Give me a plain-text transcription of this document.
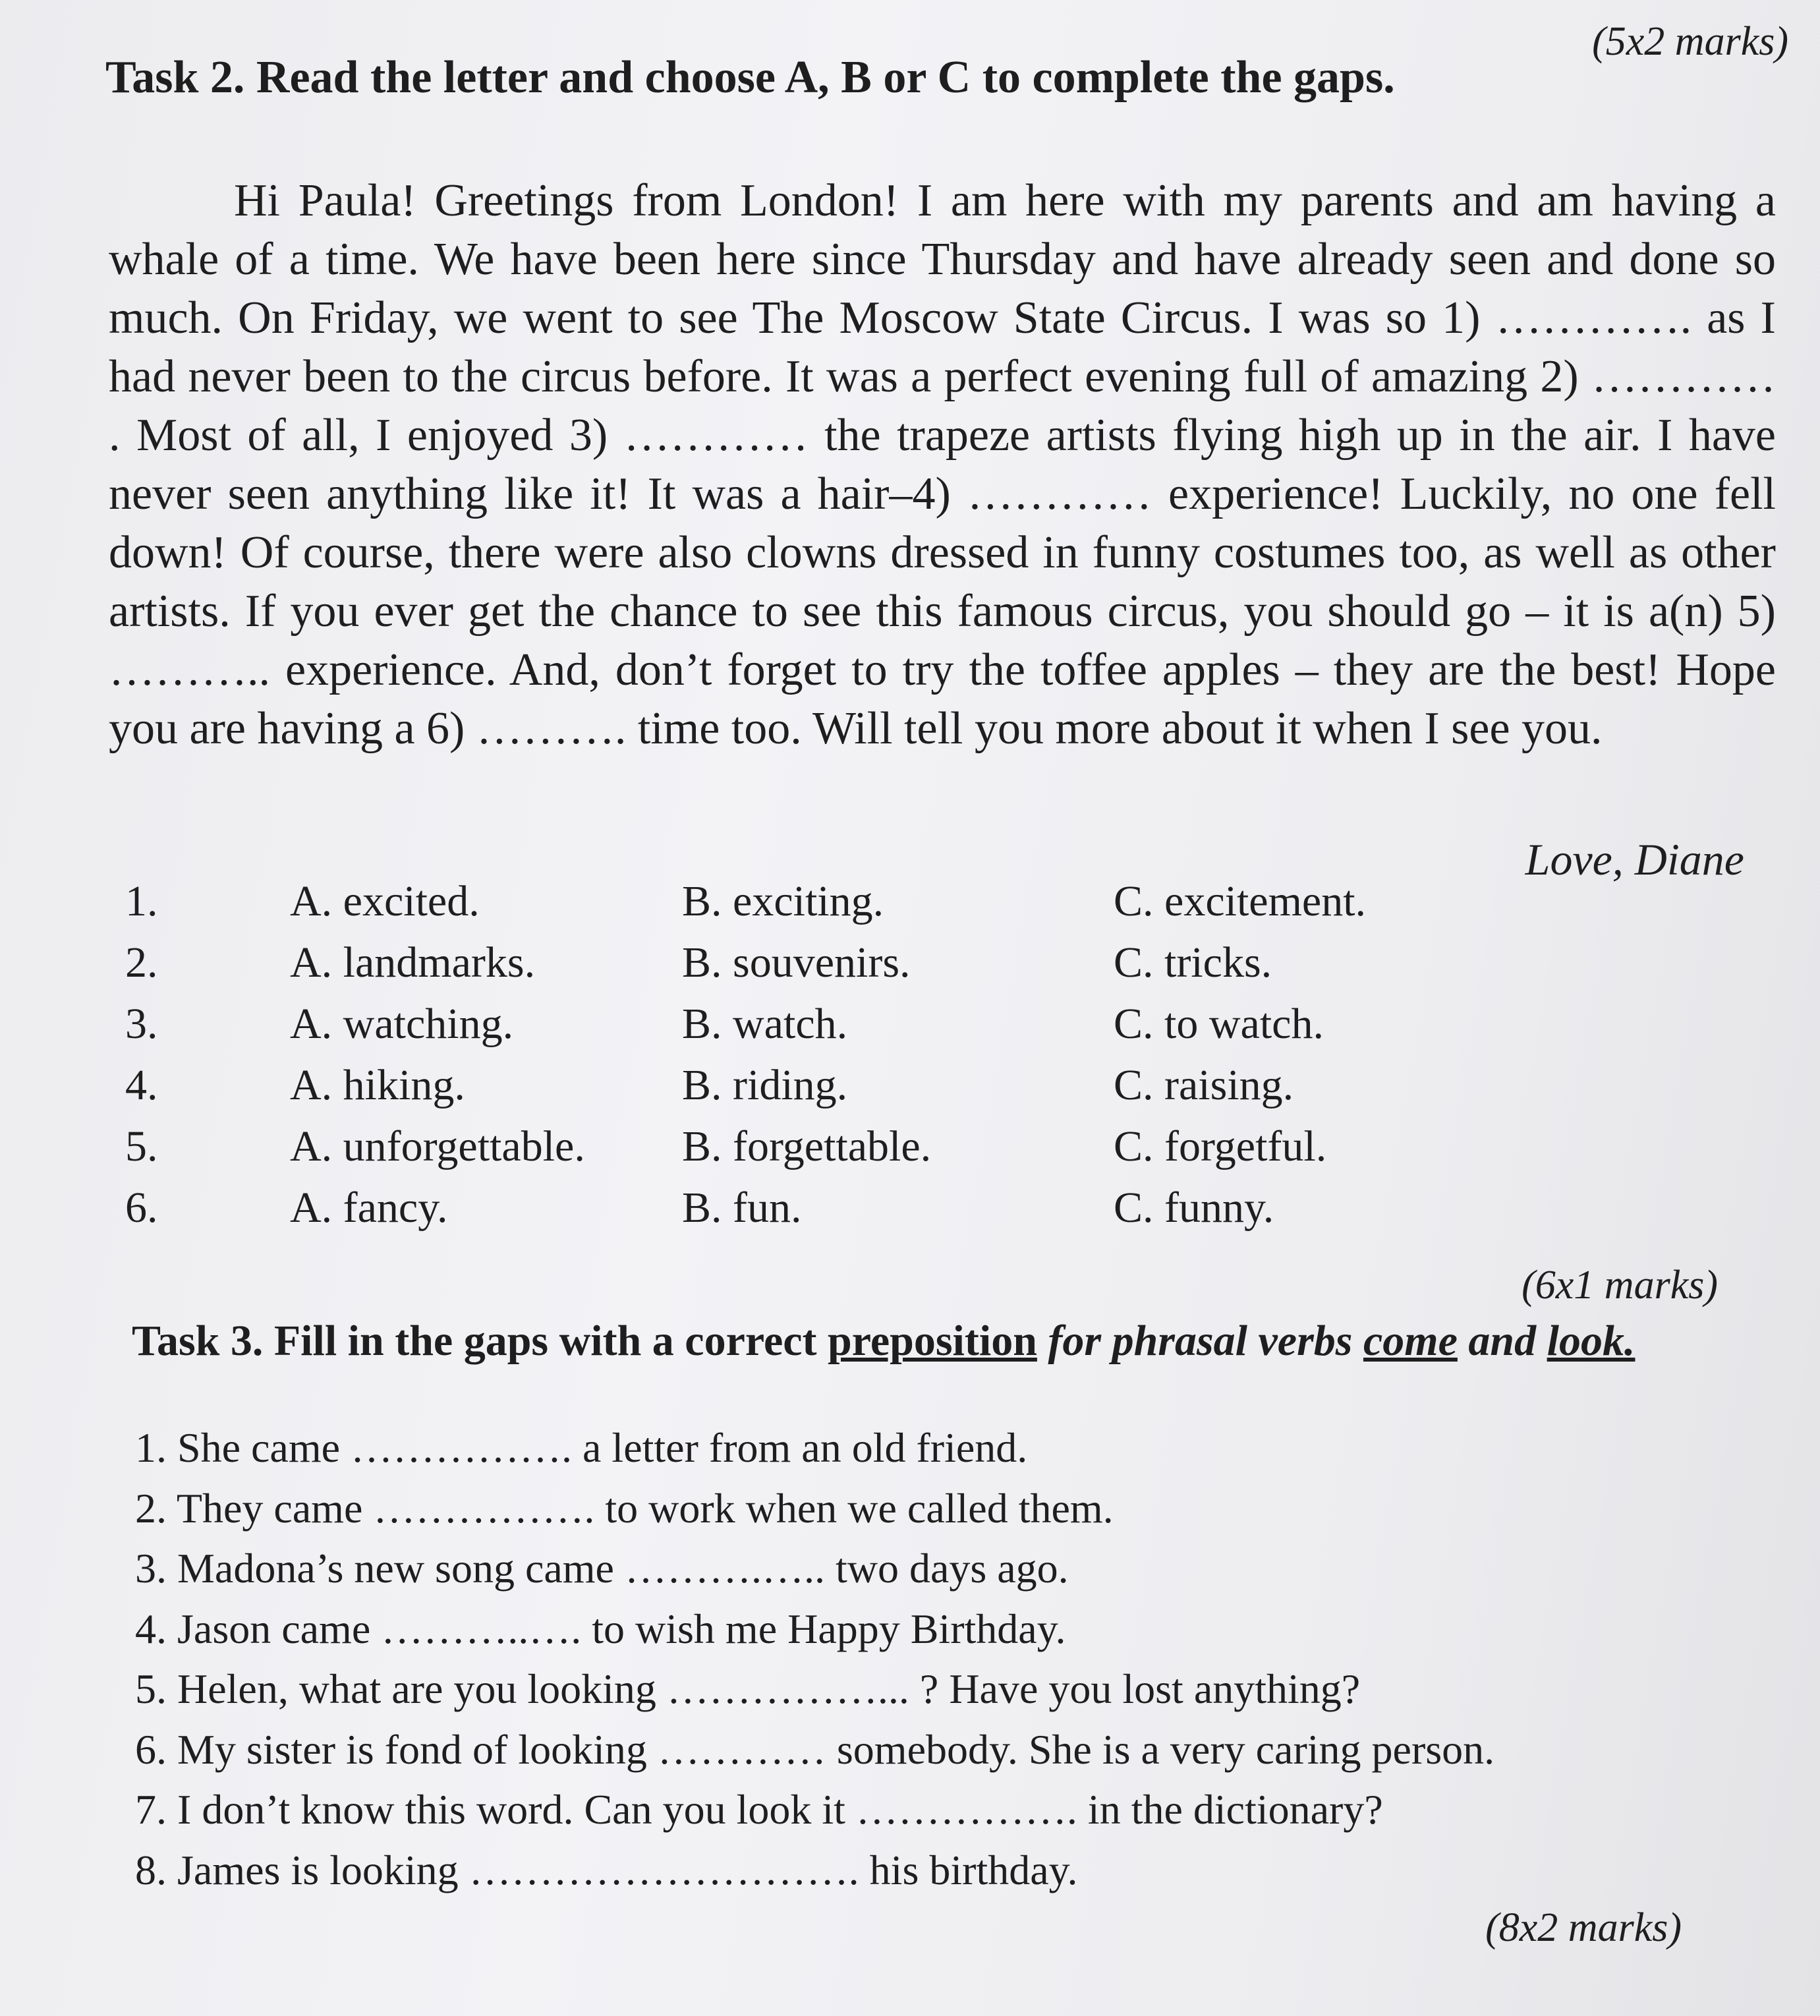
(5x2 marks)
Task 2. Read the letter and choose A, B or C to complete the gaps.

Hi Paula! Greetings from London! I am here with my parents and am having a whale of a time. We have been here since Thursday and have already seen and done so much. On Friday, we went to see The Moscow State Circus. I was so 1) …………. as I had never been to the circus before. It was a perfect evening full of amazing 2) ………… . Most of all, I enjoyed 3) ………… the trapeze artists flying high up in the air. I have never seen anything like it! It was a hair–4) ………… experience! Luckily, no one fell down! Of course, there were also clowns dressed in funny costumes too, as well as other artists. If you ever get the chance to see this famous circus, you should go – it is a(n) 5) ……….. experience. And, don’t forget to try the toffee apples – they are the best! Hope you are having a 6) ………. time too. Will tell you more about it when I see you.

Love, Diane
1.	A. excited.	B. exciting.	C. excitement.
2.	A. landmarks.	B. souvenirs.	C. tricks.
3.	A. watching.	B. watch.	C. to watch.
4.	A. hiking.	B. riding.	C. raising.
5.	A. unforgettable. B. forgettable.	C. forgetful.
6.	A. fancy.	B. fun.	C. funny.
(6x1 marks)
Task 3. Fill in the gaps with a correct preposition for phrasal verbs come and look.
1. She came ……………. a letter from an old friend.
2. They came ……………. to work when we called them.
3. Madona’s new song came ……….….. two days ago.
4. Jason came ………..…. to wish me Happy Birthday.
5. Helen, what are you looking ……………... ? Have you lost anything?
6. My sister is fond of looking ………… somebody. She is a very caring person.
7. I don’t know this word. Can you look it ……………. in the dictionary?
8. James is looking ………………………. his birthday.
(8x2 marks)
